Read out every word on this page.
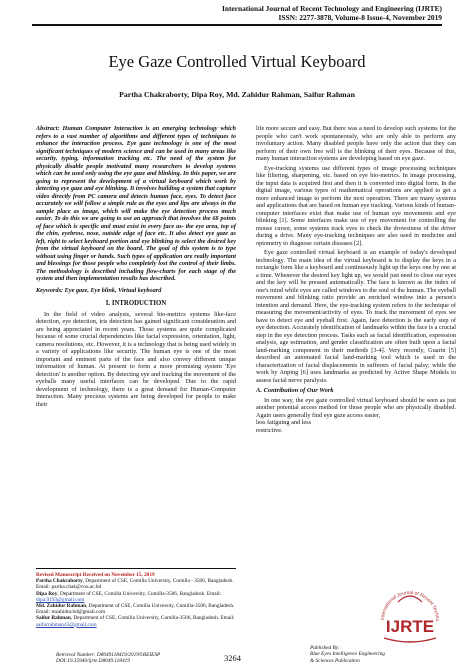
International Journal of Recent Technology and Engineering (IJRTE)
ISSN: 2277-3878, Volume-8 Issue-4, November 2019
Eye Gaze Controlled Virtual Keyboard
Partha Chakraborty, Dipa Roy, Md. Zahidur Rahman, Saifur Rahman
Abstract: Human Computer Interaction is an emerging technology which refers to a vast number of algorithms and different types of techniques to enhance the interaction process. Eye gaze technology is one of the most significant techniques of modern science and can be used in many areas like security, typing, information tracking etc. The need of the system for physically disable people motivated many researchers to develop systems which can be used only using the eye gaze and blinking. In this paper, we are going to represent the development of a virtual keyboard which work by detecting eye gaze and eye blinking. It involves building a system that capture video directly from PC camera and detects human face, eyes. To detect face accurately we will follow a simple rule as the eyes and lips are always in the sample place as image, which will make the eye detection process much easier. To do this we are going to use an approach that involves the 68 points of face which is specific and must exist in every face as- the eye area, top of the chin, eyebrow, nose, outside edge of face etc. It also detect eye gaze as left, right to select keyboard portion and eye blinking to select the desired key from the virtual keyboard on the board. The goal of this system is to type without using finger or hands. Such types of application are really important and blessings for those people who completely lost the control of their limbs. The methodology is described including flow-charts for each stage of the system and then implementation results has described.
Keywords: Eye gaze, Eye blink, Virtual keyboard
I. INTRODUCTION

In the field of video analysis, several bio-metrics systems like-face detection, eye detection, iris detection has gained significant consideration and are being appreciated in recent years. Those systems are quite complicated because of some crucial dependencies like facial expression, orientation, light, camera resolutions, etc. However, it is a technology that is being used widely in a variety of applications like security. The human eye is one of the most important and eminent parts of the face and also convey different unique information of human. At present to form a more promising system 'Eye detection' is another option. By detecting eye and tracking the movement of the eyeballs many useful interfaces can be developed. Due to the rapid development of technology, there is a great demand for Human-Computer Interaction. Many precious systems are being developed for people to make their

Revised Manuscript Received on November 15, 2019
Partha Chakraborty, Department of CSE, Comilla University, Cumilla - 3506, Bangladesh. Email: partha.chak@cou.ac.bd
Dipa Roy, Department of CSE, Comilla University, Cumilla-3506, Bangladesh. Email: dipa.9193@gmail.com
Md. Zahidur Rahman, Department of CSE, Comilla University, Cumilla-3506, Bangladesh. Email: mzahidur.bd@gmail.com
Saifur Rahman, Department of CSE, Comilla University, Cumilla-3506, Bangladesh. Email: saifurrahman43@gmail.com

life more secure and easy. But there was a need to develop such systems for the people who can't work spontaneously, who are only able to perform any involuntary action. Many disabled people have only the action that they can perform of their own free will is the blinking of their eyes. Because of this, many human interaction systems are developing based on eye gaze.

Eye-tracking systems use different types of image processing techniques like filtering, sharpening, etc. based on eye bio-metrics. In image processing, the input data is acquired first and then it is converted into digital form. In the digital image, various types of mathematical operations are applied to get a more enhanced image to perform the next operation. There are many systems and applications that are based on human eye tracking. Various kinds of human-computer interfaces exist that make use of human eye movements and eye blinking [1]. Some interfaces make use of eye movement for controlling the mouse cursor, some systems track eyes to check the drowsiness of the driver during a drive. Many eye-tracking techniques are also used in medicine and optometry to diagnose certain diseases [2].

Eye gaze controlled virtual keyboard is an example of today's developed technology. The main idea of the virtual keyboard is to display the keys in a rectangle form like a keyboard and continuously light up the keys one by one at a time. Whenever the desired key light up, we would just need to close our eyes and the key will be pressed automatically. The face is known as the index of one's mind while eyes are called windows to the soul of the human. The eyeball movement and blinking ratio provide an enriched window into a person's intention and demand. Here, the eye-tracking system refers to the technique of measuring the movement/activity of eyes. To track the movement of eyes we have to detect eye and eyeball first. Again, face detection is the early step of eye detection. Accurately identification of landmarks within the face is a crucial step in the eye detection process. Tasks such as facial identification, expression analysis, age estimation, and gender classification are often built upon a facial land-marking component in their methods [3-4]. Very recently, Guarin [5] described an automated facial land-marking tool which is used in the characterization of facial displacements in sufferers of facial palsy; while the work by Anping [6] uses landmarks as predicted by Active Shape Models to assess facial nerve paralysis.

A. Contribution of Our Work

In one way, the eye gaze controlled virtual keyboard should be seen as just another potential access method for those people who are physically disabled. Again users generally find eye gaze access easier,

less fatiguing and less
restrictive.
International Journal of Recent Techno
IJRTE
Retrieval Number: D8049118419/2019©BEIESP
DOI:10.35940/ijrte.D8049.118419	3264
Published By:
Blue Eyes Intelligence Engineering
& Sciences Publication
